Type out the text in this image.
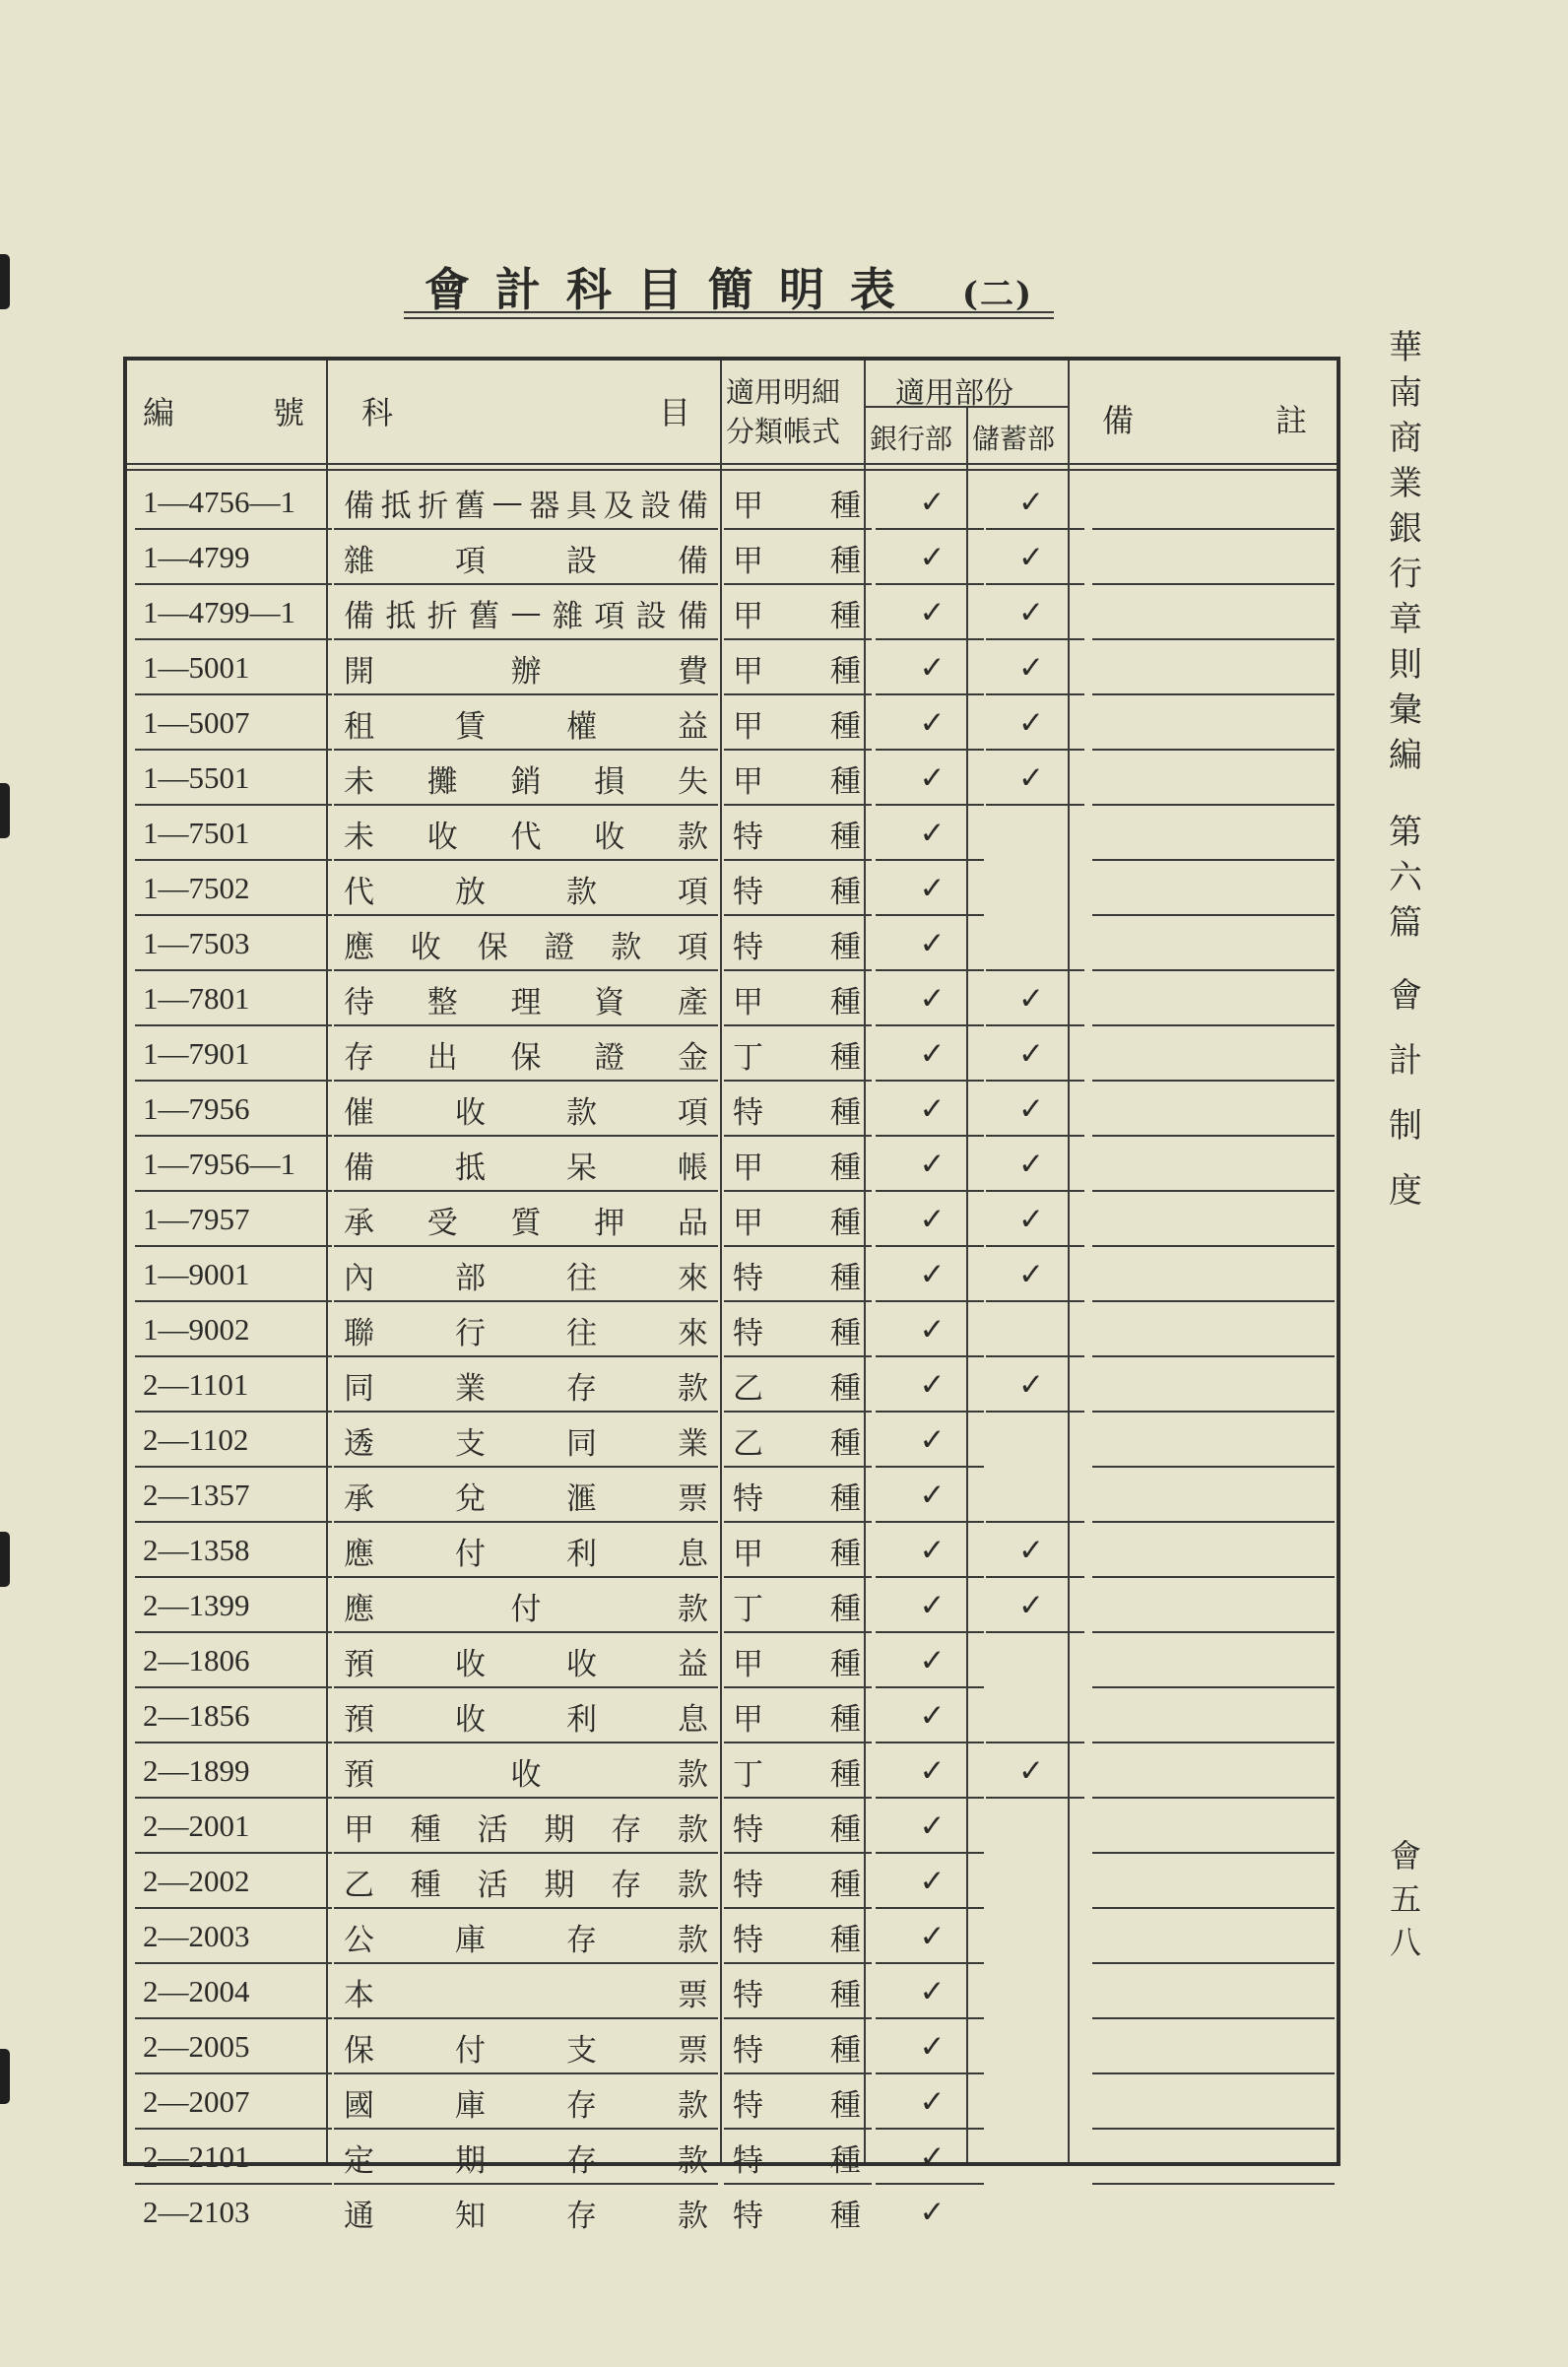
會計科目簡明表 (二)
華南商業銀行章則彙編
第六篇
會計制度
會五八
編	號 科	目
適用明細
分類帳式
適用部份
銀行部 儲蓄部 備	註
1—4756—1	備 抵 折 舊 — 器 具 及 設 備 甲 種	✓	✓
1—4799	雜	項	設	備 甲 種	✓	✓
1—4799—1	備 抵 折 舊 — 雜 項 設 備 甲 種	✓	✓
1—5001	開	辦	費 甲 種	✓	✓
1—5007	租	賃	權	益 甲 種	✓	✓
1—5501	未 攤 銷 損 失 甲 種	✓	✓
1—7501	未 收 代 收 款 特 種	✓
1—7502	代	放	款	項 特 種	✓
1—7503	應 收 保 證 款 項 特 種	✓
1—7801	待 整 理 資 產 甲 種	✓	✓
1—7901	存 出 保 證 金 丁 種	✓	✓
1—7956	催	收	款	項 特 種	✓	✓
1—7956—1	備	抵	呆	帳 甲 種	✓	✓
1—7957	承 受 質 押 品 甲 種	✓	✓
1—9001	內	部	往	來 特 種	✓	✓
1—9002	聯	行	往	來 特 種	✓
2—1101	同	業	存	款 乙 種	✓	✓
2—1102	透	支	同	業 乙 種	✓
2—1357	承	兌	滙	票 特 種	✓
2—1358	應	付	利	息 甲 種	✓	✓
2—1399	應	付	款 丁 種	✓	✓
2—1806	預	收	收	益 甲 種	✓
2—1856	預	收	利	息 甲 種	✓
2—1899	預	收	款 丁 種	✓	✓
2—2001	甲 種 活 期 存 款 特 種	✓
2—2002	乙 種 活 期 存 款 特 種	✓
2—2003	公	庫	存	款 特 種	✓
2—2004	本	票 特 種	✓
2—2005	保	付	支	票 特 種	✓
2—2007	國	庫	存	款 特 種	✓
2—2101	定	期	存	款 特 種	✓
2—2103	通	知	存	款 特 種	✓
